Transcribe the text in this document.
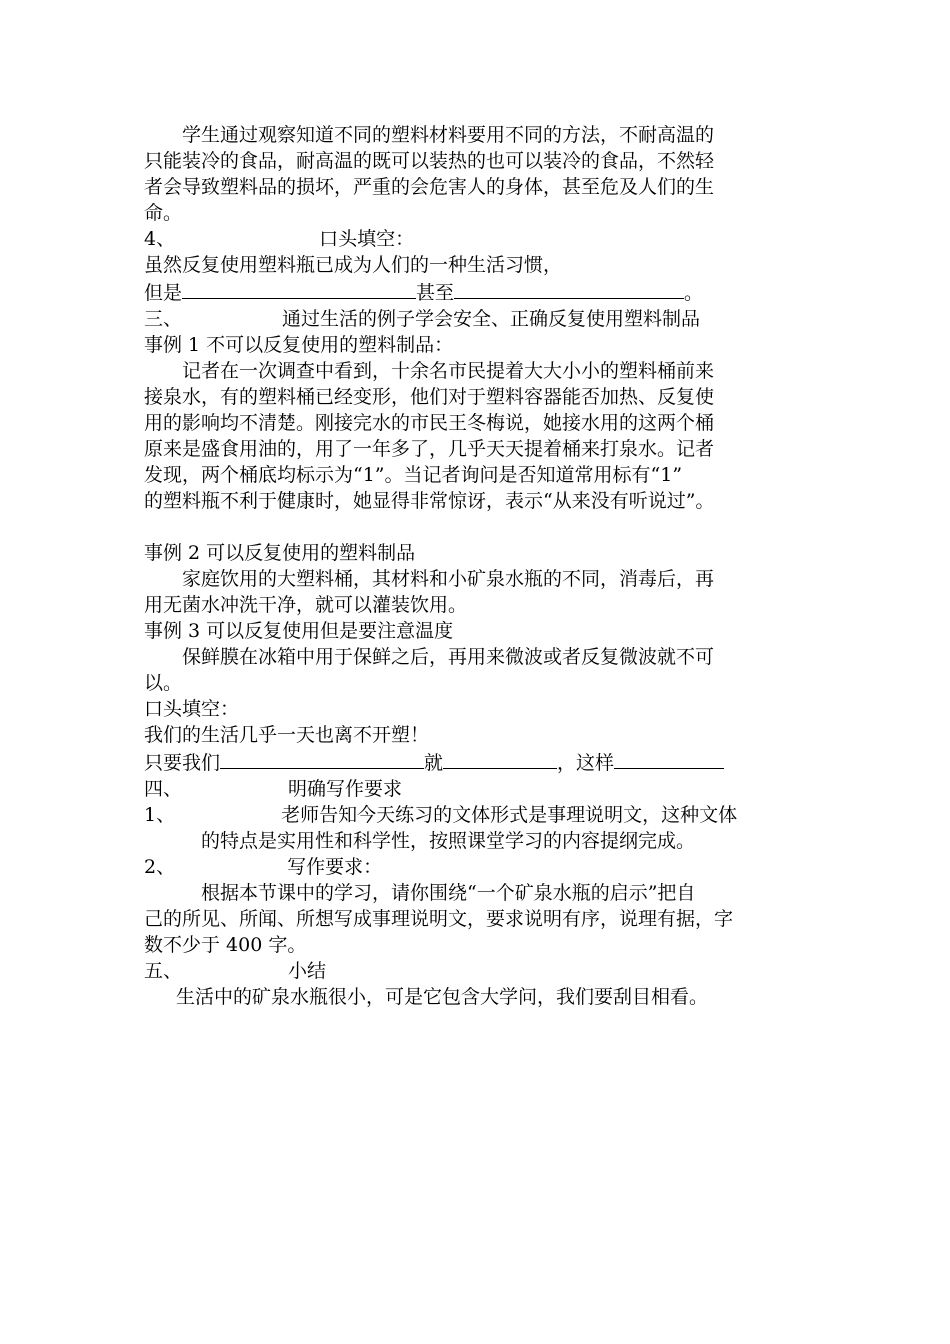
　　学生通过观察知道不同的塑料材料要用不同的方法，不耐高温的
只能装冷的食品，耐高温的既可以装热的也可以装冷的食品，不然轻
者会导致塑料品的损坏，严重的会危害人的身体，甚至危及人们的生
命。
4、	口头填空：
虽然反复使用塑料瓶已成为人们的一种生活习惯，
但是	甚至	。
三、	通过生活的例子学会安全、正确反复使用塑料制品
事例 1 不可以反复使用的塑料制品：
　　记者在一次调查中看到，十余名市民提着大大小小的塑料桶前来
接泉水，有的塑料桶已经变形，他们对于塑料容器能否加热、反复使
用的影响均不清楚。刚接完水的市民王冬梅说，她接水用的这两个桶
原来是盛食用油的，用了一年多了，几乎天天提着桶来打泉水。记者
发现，两个桶底均标示为“1”。当记者询问是否知道常用标有“1”
的塑料瓶不利于健康时，她显得非常惊讶，表示“从来没有听说过”。
事例 2 可以反复使用的塑料制品
　　家庭饮用的大塑料桶，其材料和小矿泉水瓶的不同，消毒后，再
用无菌水冲洗干净，就可以灌装饮用。
事例 3 可以反复使用但是要注意温度
　　保鲜膜在冰箱中用于保鲜之后，再用来微波或者反复微波就不可
以。
口头填空：
我们的生活几乎一天也离不开塑！
只要我们	就	，这样
四、	明确写作要求
1、	老师告知今天练习的文体形式是事理说明文，这种文体
的特点是实用性和科学性，按照课堂学习的内容提纲完成。
2、	写作要求：
　　　根据本节课中的学习，请你围绕“一个矿泉水瓶的启示”把自
己的所见、所闻、所想写成事理说明文，要求说明有序，说理有据，字
数不少于 400 字。
五、	小结
生活中的矿泉水瓶很小，可是它包含大学问，我们要刮目相看。
